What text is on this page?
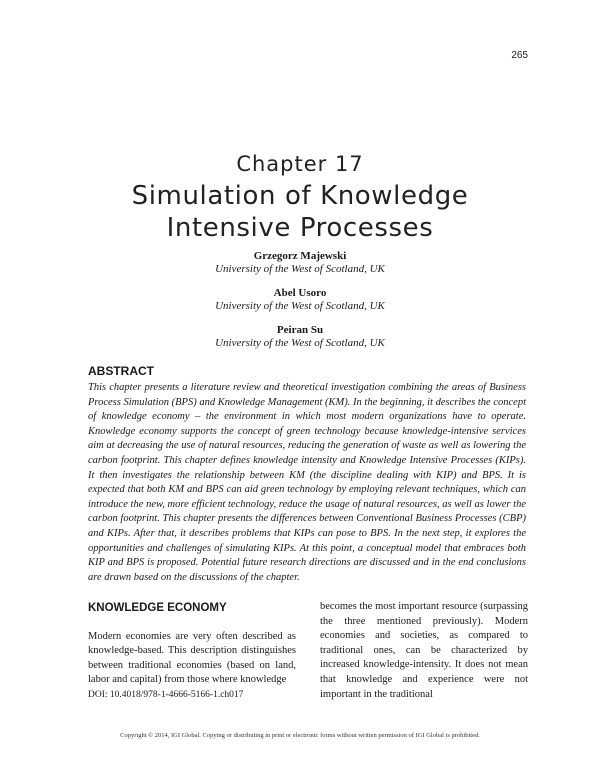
265
Chapter 17
Simulation of Knowledge
Intensive Processes
Grzegorz Majewski
University of the West of Scotland, UK
Abel Usoro
University of the West of Scotland, UK
Peiran Su
University of the West of Scotland, UK
ABSTRACT
This chapter presents a literature review and theoretical investigation combining the areas of Business Process Simulation (BPS) and Knowledge Management (KM). In the beginning, it describes the concept of knowledge economy – the environment in which most modern organizations have to operate. Knowledge economy supports the concept of green technology because knowledge-intensive services aim at decreasing the use of natural resources, reducing the generation of waste as well as lowering the carbon footprint. This chapter defines knowledge intensity and Knowledge Intensive Processes (KIPs). It then investigates the relationship between KM (the discipline dealing with KIP) and BPS. It is expected that both KM and BPS can aid green technology by employing relevant techniques, which can introduce the new, more efficient technology, reduce the usage of natural resources, as well as lower the carbon footprint. This chapter presents the differences between Conventional Business Processes (CBP) and KIPs. After that, it describes problems that KIPs can pose to BPS. In the next step, it explores the opportunities and challenges of simulating KIPs. At this point, a conceptual model that embraces both KIP and BPS is proposed. Potential future research directions are discussed and in the end conclusions are drawn based on the discussions of the chapter.
KNOWLEDGE ECONOMY
Modern economies are very often described as knowledge-based. This description distinguishes between traditional economies (based on land, labor and capital) from those where knowledge
becomes the most important resource (surpassing the three mentioned previously). Modern economies and societies, as compared to traditional ones, can be characterized by increased knowledge-intensity. It does not mean that knowledge and experience were not important in the traditional
DOI: 10.4018/978-1-4666-5166-1.ch017
Copyright © 2014, IGI Global. Copying or distributing in print or electronic forms without written permission of IGI Global is prohibited.
